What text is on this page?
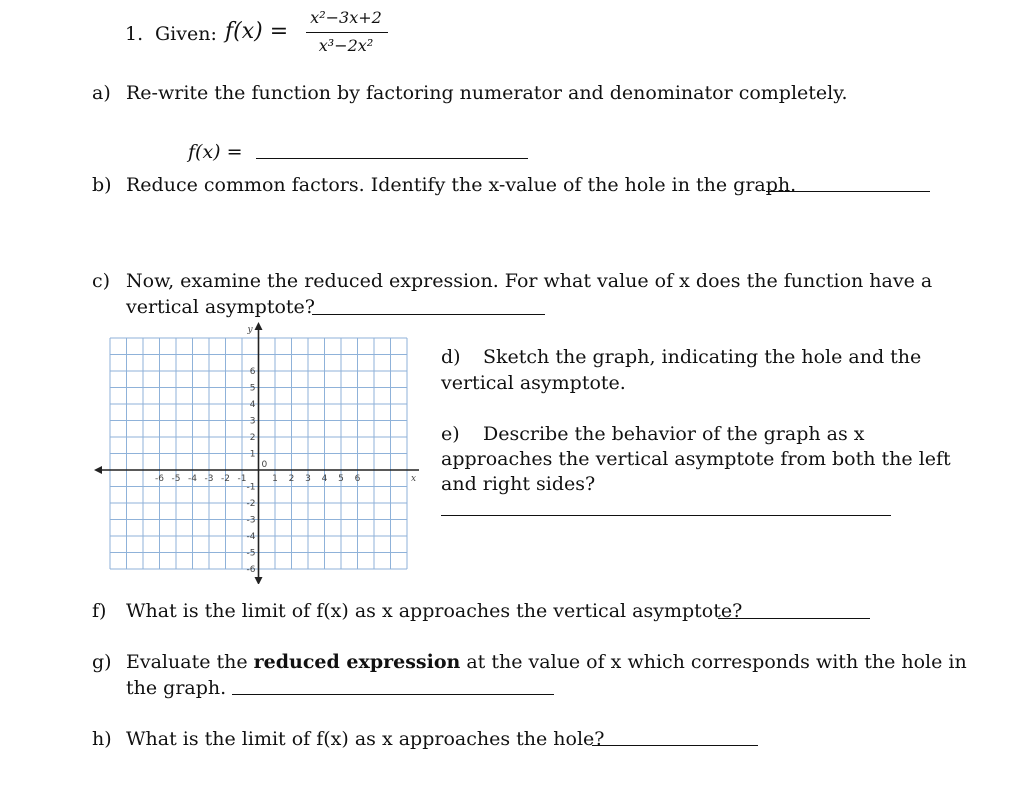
1. Given: f(x) =
x²−3x+2
x³−2x²
a) Re-write the function by factoring numerator and denominator completely.
f(x) =
b) Reduce common factors. Identify the x-value of the hole in the graph.
c) Now, examine the reduced expression. For what value of x does the function have a
vertical asymptote?
-6 -5 -4 -3 -2 -1	1 2 3 4 5 6
6
5
4
3
2
1
-1
-2
-3
-4
-5
-6
0
x
y
d) Sketch the graph, indicating the hole and the
vertical asymptote.
e) Describe the behavior of the graph as x
approaches the vertical asymptote from both the left
and right sides?
f) What is the limit of f(x) as x approaches the vertical asymptote?
g) Evaluate the reduced expression at the value of x which corresponds with the hole in
the graph.
h) What is the limit of f(x) as x approaches the hole?
